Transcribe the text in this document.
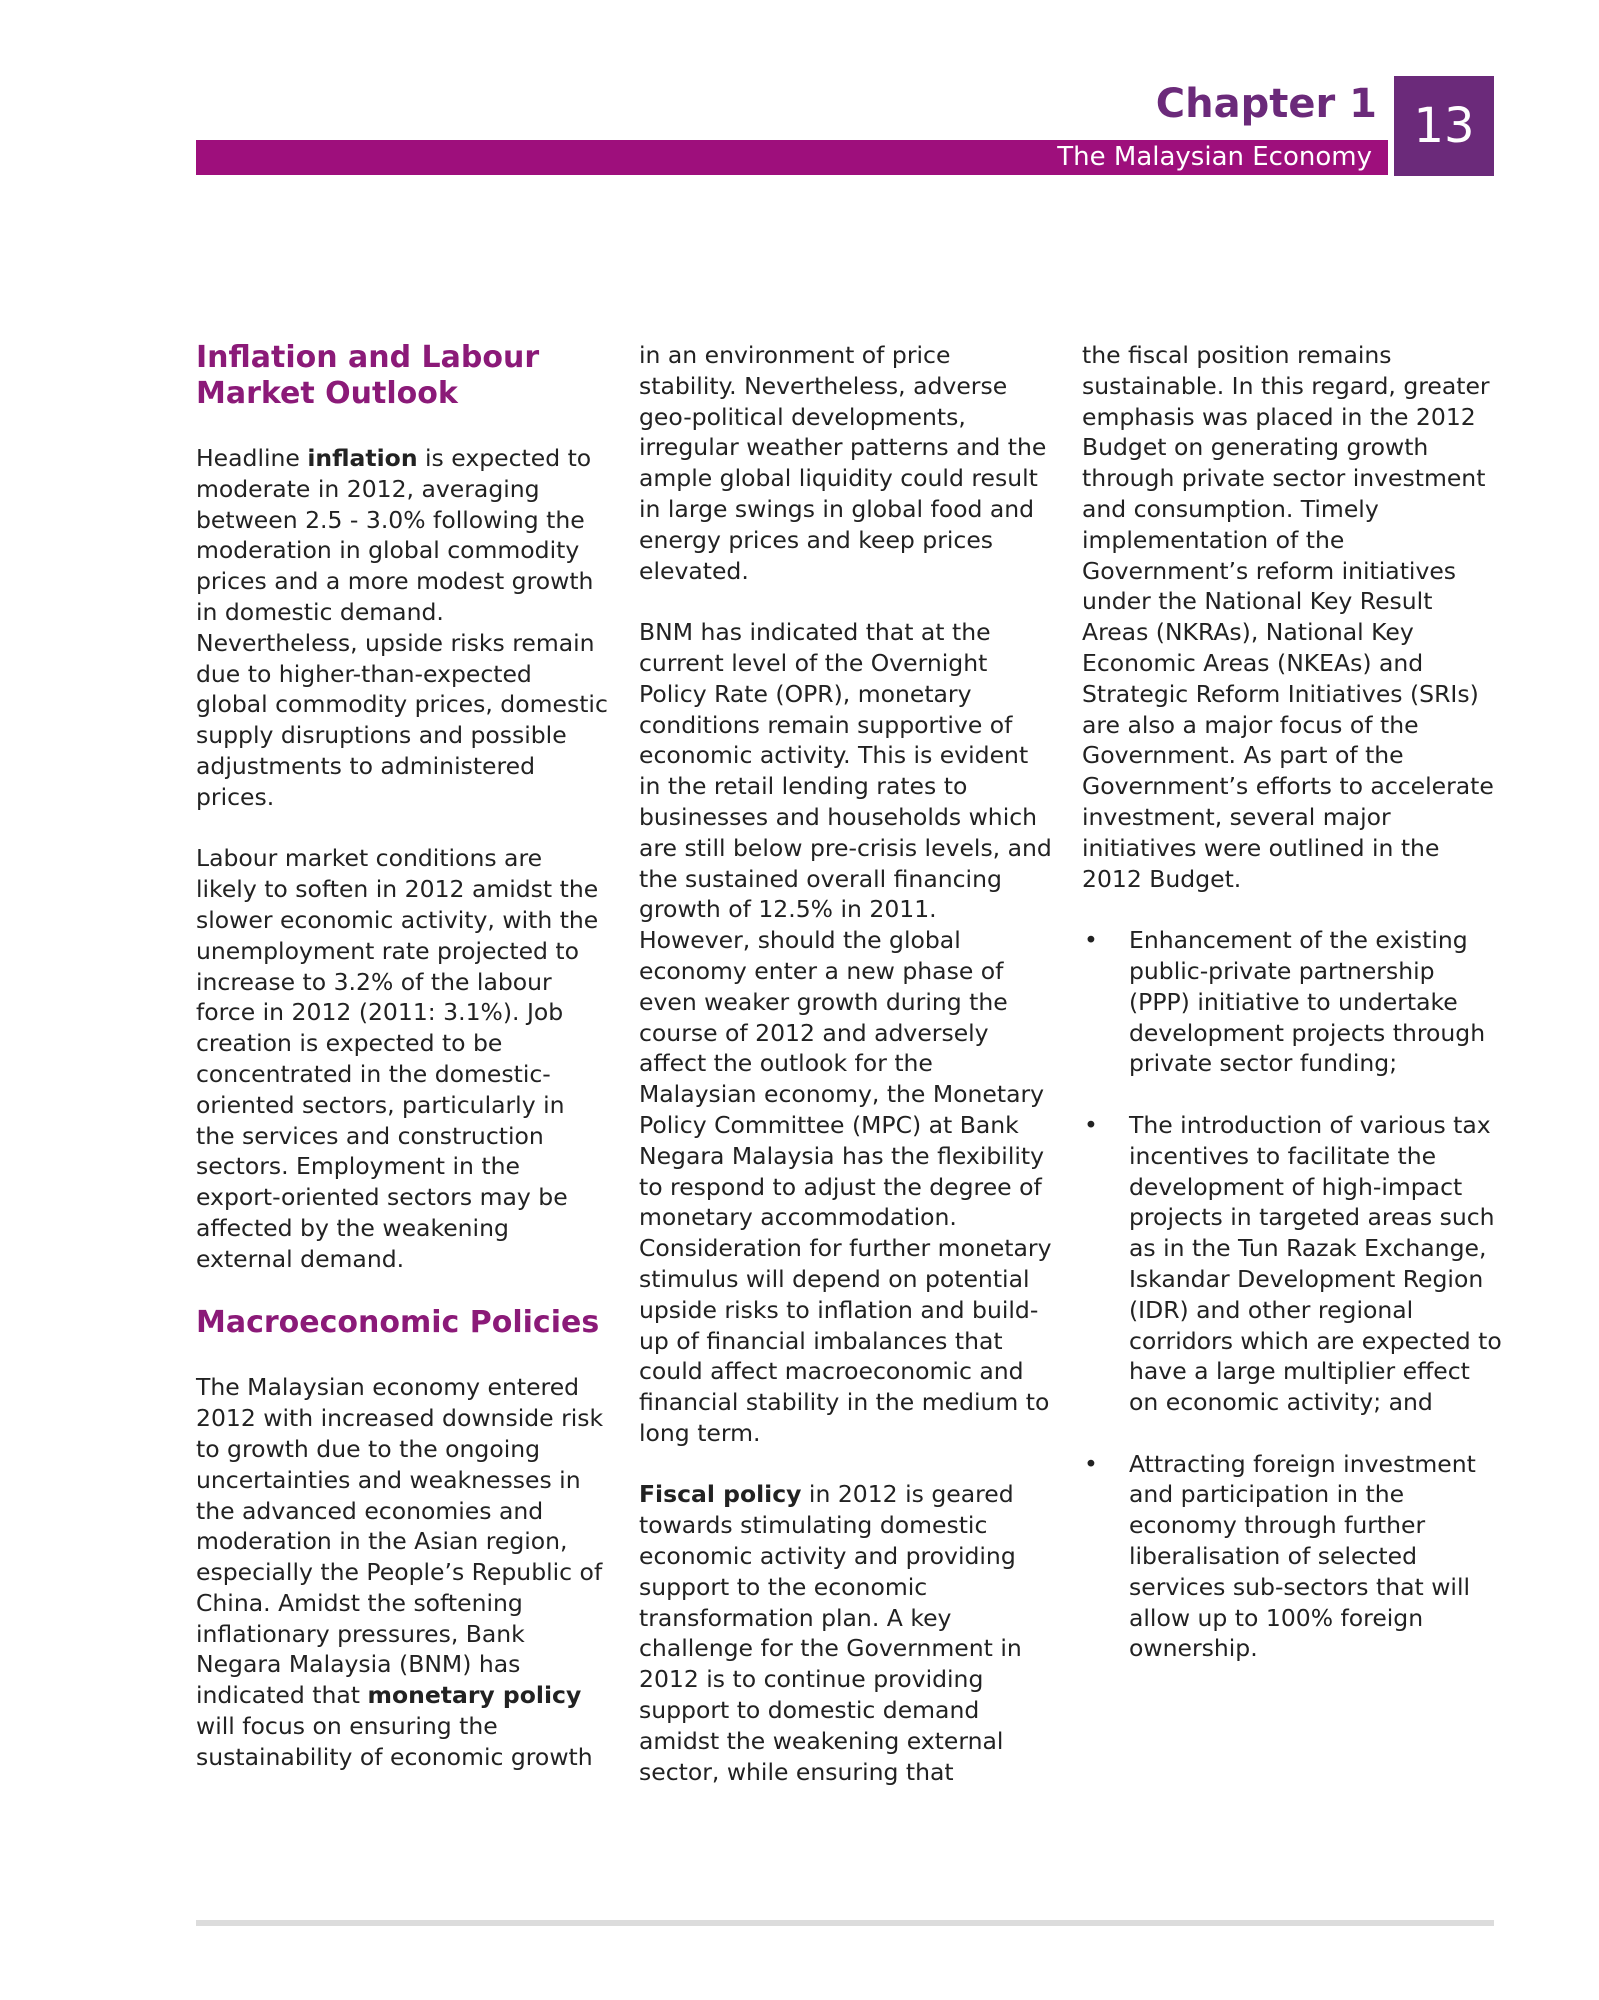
Chapter 1 13
The Malaysian Economy
Inflation and Labour Market Outlook

Headline inflation is expected to moderate in 2012, averaging between 2.5 - 3.0% following the moderation in global commodity prices and a more modest growth in domestic demand. Nevertheless, upside risks remain due to higher-than-expected global commodity prices, domestic supply disruptions and possible adjustments to administered prices.

Labour market conditions are likely to soften in 2012 amidst the slower economic activity, with the unemployment rate projected to increase to 3.2% of the labour force in 2012 (2011: 3.1%). Job creation is expected to be concentrated in the domestic-oriented sectors, particularly in the services and construction sectors. Employment in the export-oriented sectors may be affected by the weakening external demand.

Macroeconomic Policies

The Malaysian economy entered 2012 with increased downside risk to growth due to the ongoing uncertainties and weaknesses in the advanced economies and moderation in the Asian region, especially the People’s Republic of China. Amidst the softening inflationary pressures, Bank Negara Malaysia (BNM) has indicated that monetary policy will focus on ensuring the sustainability of economic growth

in an environment of price stability. Nevertheless, adverse geo-political developments, irregular weather patterns and the ample global liquidity could result in large swings in global food and energy prices and keep prices elevated.

BNM has indicated that at the current level of the Overnight Policy Rate (OPR), monetary conditions remain supportive of economic activity. This is evident in the retail lending rates to businesses and households which are still below pre-crisis levels, and the sustained overall financing growth of 12.5% in 2011. However, should the global economy enter a new phase of even weaker growth during the course of 2012 and adversely affect the outlook for the Malaysian economy, the Monetary Policy Committee (MPC) at Bank Negara Malaysia has the flexibility to respond to adjust the degree of monetary accommodation. Consideration for further monetary stimulus will depend on potential upside risks to inflation and build-up of financial imbalances that could affect macroeconomic and financial stability in the medium to long term.

Fiscal policy in 2012 is geared towards stimulating domestic economic activity and providing support to the economic transformation plan. A key challenge for the Government in 2012 is to continue providing support to domestic demand amidst the weakening external sector, while ensuring that

the fiscal position remains sustainable. In this regard, greater emphasis was placed in the 2012 Budget on generating growth through private sector investment and consumption. Timely implementation of the Government’s reform initiatives under the National Key Result Areas (NKRAs), National Key Economic Areas (NKEAs) and Strategic Reform Initiatives (SRIs) are also a major focus of the Government. As part of the Government’s efforts to accelerate investment, several major initiatives were outlined in the 2012 Budget.

• Enhancement of the existing public-private partnership (PPP) initiative to undertake development projects through private sector funding;
• The introduction of various tax incentives to facilitate the development of high-impact projects in targeted areas such as in the Tun Razak Exchange, Iskandar Development Region (IDR) and other regional corridors which are expected to have a large multiplier effect on economic activity; and
• Attracting foreign investment and participation in the economy through further liberalisation of selected services sub-sectors that will allow up to 100% foreign ownership.
